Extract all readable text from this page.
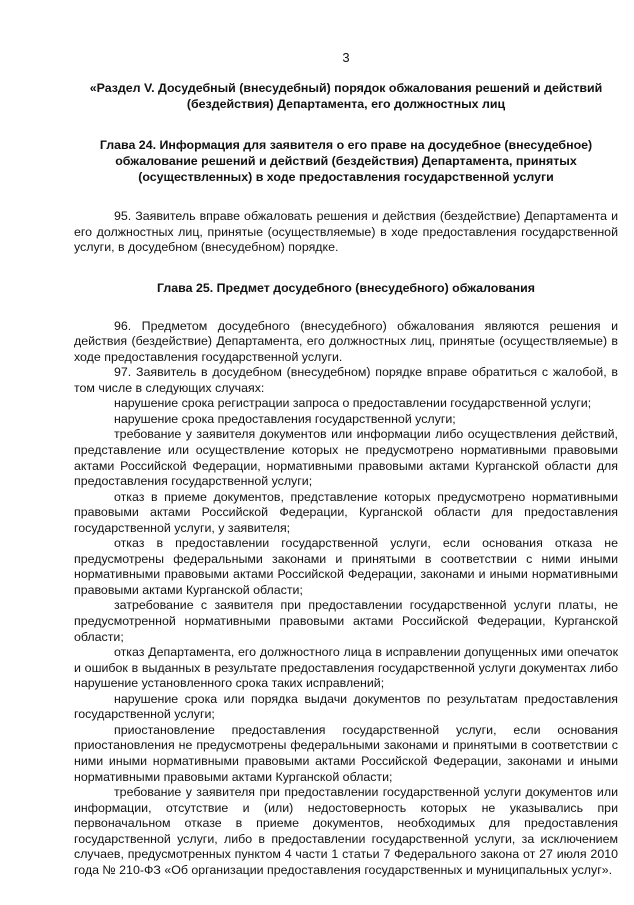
3
«Раздел V. Досудебный (внесудебный) порядок обжалования решений и действий (бездействия) Департамента, его должностных лиц
Глава 24. Информация для заявителя о его праве на досудебное (внесудебное) обжалование решений и действий (бездействия) Департамента, принятых (осуществленных) в ходе предоставления государственной услуги

95. Заявитель вправе обжаловать решения и действия (бездействие) Департамента и его должностных лиц, принятые (осуществляемые) в ходе предоставления государственной услуги, в досудебном (внесудебном) порядке.

Глава 25. Предмет досудебного (внесудебного) обжалования

96. Предметом досудебного (внесудебного) обжалования являются решения и действия (бездействие) Департамента, его должностных лиц, принятые (осуществляемые) в ходе предоставления государственной услуги.

97. Заявитель в досудебном (внесудебном) порядке вправе обратиться с жалобой, в том числе в следующих случаях:

нарушение срока регистрации запроса о предоставлении государственной услуги;

нарушение срока предоставления государственной услуги;

требование у заявителя документов или информации либо осуществления действий, представление или осуществление которых не предусмотрено нормативными правовыми актами Российской Федерации, нормативными правовыми актами Курганской области для предоставления государственной услуги;

отказ в приеме документов, представление которых предусмотрено нормативными правовыми актами Российской Федерации, Курганской области для предоставления государственной услуги, у заявителя;

отказ в предоставлении государственной услуги, если основания отказа не предусмотрены федеральными законами и принятыми в соответствии с ними иными нормативными правовыми актами Российской Федерации, законами и иными нормативными правовыми актами Курганской области;

затребование с заявителя при предоставлении государственной услуги платы, не предусмотренной нормативными правовыми актами Российской Федерации, Курганской области;

отказ Департамента, его должностного лица в исправлении допущенных ими опечаток и ошибок в выданных в результате предоставления государственной услуги документах либо нарушение установленного срока таких исправлений;

нарушение срока или порядка выдачи документов по результатам предоставления государственной услуги;

приостановление предоставления государственной услуги, если основания приостановления не предусмотрены федеральными законами и принятыми в соответствии с ними иными нормативными правовыми актами Российской Федерации, законами и иными нормативными правовыми актами Курганской области;

требование у заявителя при предоставлении государственной услуги документов или информации, отсутствие и (или) недостоверность которых не указывались при первоначальном отказе в приеме документов, необходимых для предоставления государственной услуги, либо в предоставлении государственной услуги, за исключением случаев, предусмотренных пунктом 4 части 1 статьи 7 Федерального закона от 27 июля 2010 года № 210-ФЗ «Об организации предоставления государственных и муниципальных услуг».
